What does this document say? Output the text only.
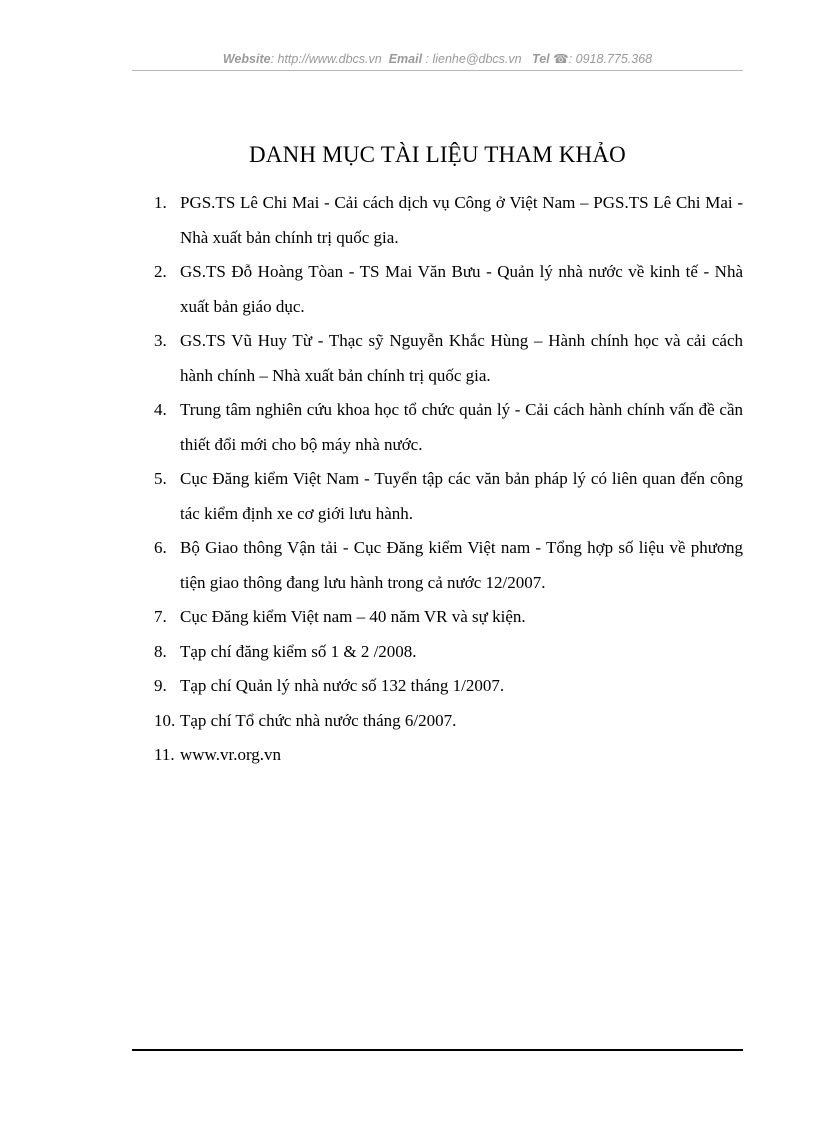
Website: http://www.dbcs.vn Email : lienhe@dbcs.vn Tel ☎: 0918.775.368
DANH MỤC TÀI LIỆU THAM KHẢO
1. PGS.TS Lê Chi Mai - Cải cách dịch vụ Công ở Việt Nam – PGS.TS Lê Chi Mai - Nhà xuất bản chính trị quốc gia.
2. GS.TS Đỗ Hoàng Tòan - TS Mai Văn Bưu - Quản lý nhà nước về kinh tế - Nhà xuất bản giáo dục.
3. GS.TS Vũ Huy Từ - Thạc sỹ Nguyễn Khắc Hùng – Hành chính học và cải cách hành chính – Nhà xuất bản chính trị quốc gia.
4. Trung tâm nghiên cứu khoa học tổ chức quản lý - Cải cách hành chính vấn đề cần thiết đổi mới cho bộ máy nhà nước.
5. Cục Đăng kiểm Việt Nam - Tuyển tập các văn bản pháp lý có liên quan đến công tác kiểm định xe cơ giới lưu hành.
6. Bộ Giao thông Vận tải - Cục Đăng kiểm Việt nam - Tổng hợp số liệu về phương tiện giao thông đang lưu hành trong cả nước 12/2007.
7. Cục Đăng kiểm Việt nam – 40 năm VR và sự kiện.
8. Tạp chí đăng kiểm số 1 & 2 /2008.
9. Tạp chí Quản lý nhà nước số 132 tháng 1/2007.
10. Tạp chí Tổ chức nhà nước tháng 6/2007.
11. www.vr.org.vn
